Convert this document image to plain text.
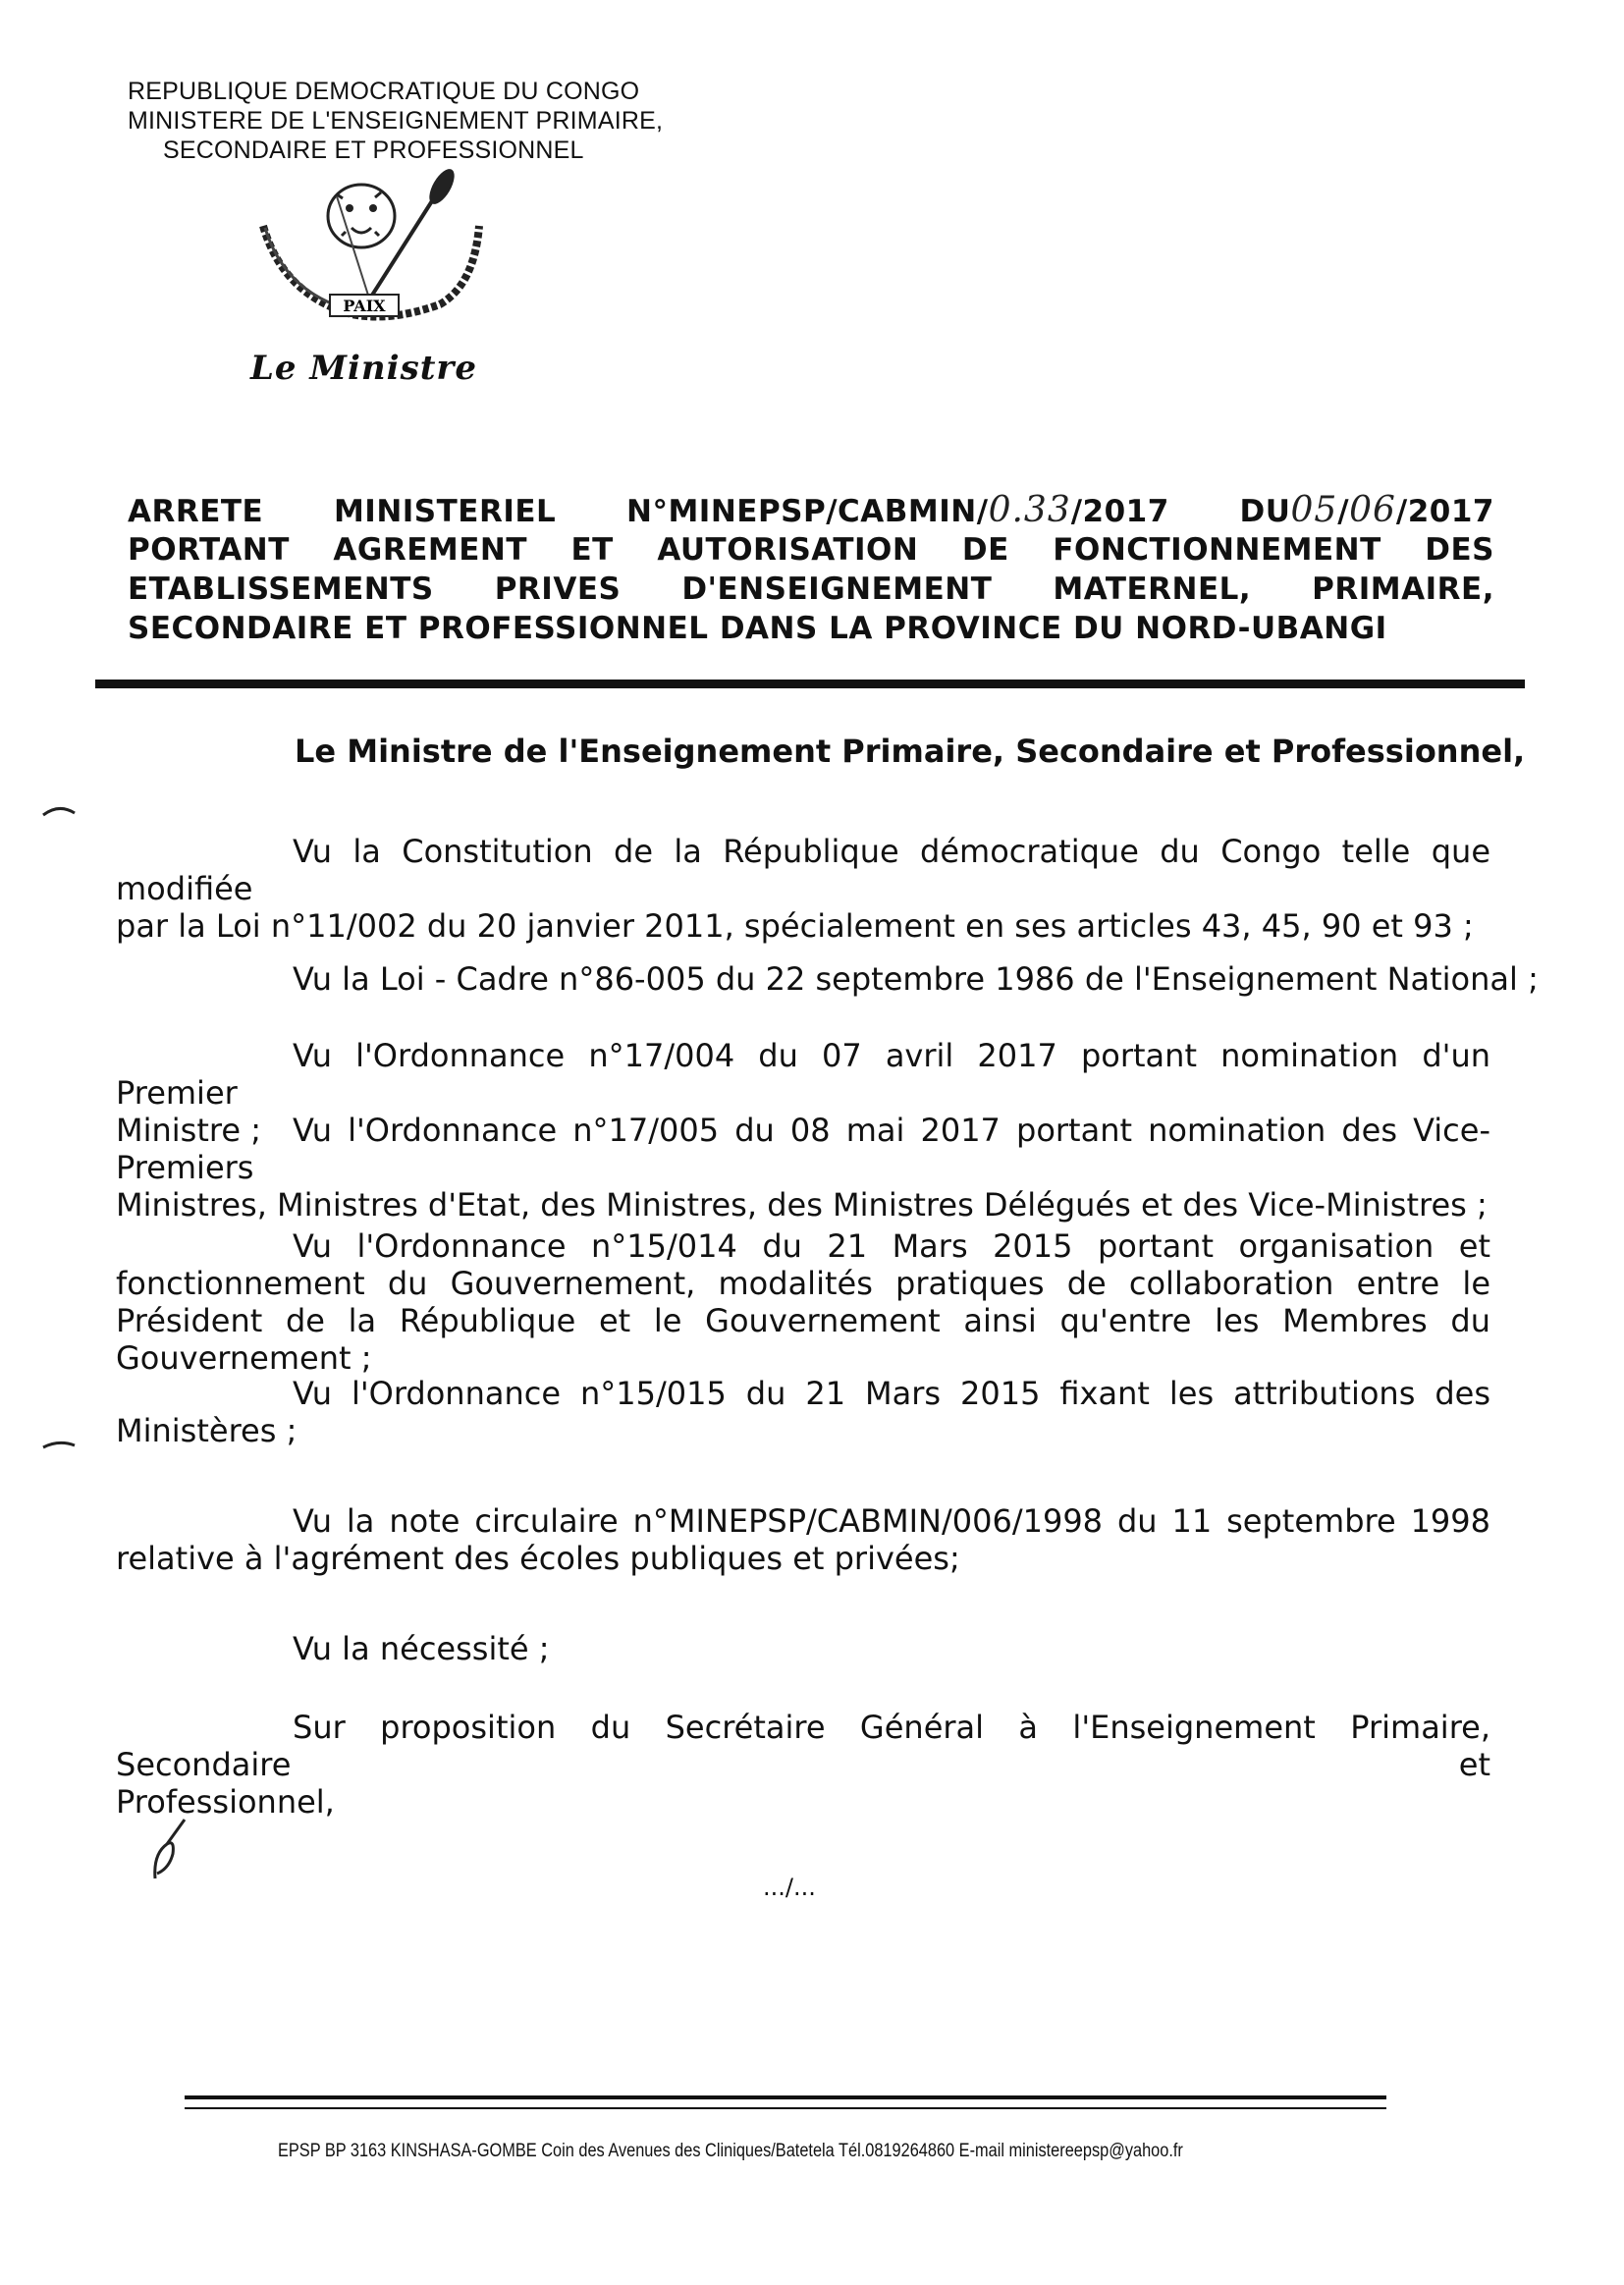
REPUBLIQUE DEMOCRATIQUE DU CONGO
MINISTERE DE L'ENSEIGNEMENT PRIMAIRE,
SECONDAIRE ET PROFESSIONNEL
PAIX
Le Ministre
ARRETE MINISTERIEL N°MINEPSP/CABMIN/0.33/2017 DU05/06/2017
PORTANT AGREMENT ET AUTORISATION DE FONCTIONNEMENT DES
ETABLISSEMENTS PRIVES D'ENSEIGNEMENT MATERNEL, PRIMAIRE,
SECONDAIRE ET PROFESSIONNEL DANS LA PROVINCE DU NORD-UBANGI
Le Ministre de l'Enseignement Primaire, Secondaire et Professionnel,
Vu la Constitution de la République démocratique du Congo telle que modifiée
par la Loi n°11/002 du 20 janvier 2011, spécialement en ses articles 43, 45, 90 et 93 ;
Vu la Loi - Cadre n°86-005 du 22 septembre 1986 de l'Enseignement National ;
Vu l'Ordonnance n°17/004 du 07 avril 2017 portant nomination d'un Premier
Ministre ;	Vu l'Ordonnance n°17/005 du 08 mai 2017 portant nomination des Vice-Premiers
Ministres, Ministres d'Etat, des Ministres, des Ministres Délégués et des Vice-Ministres ;
Vu l'Ordonnance n°15/014 du 21 Mars 2015 portant organisation et
fonctionnement du Gouvernement, modalités pratiques de collaboration entre le Président de la République et le Gouvernement ainsi qu'entre les Membres du Gouvernement ;
Vu l'Ordonnance n°15/015 du 21 Mars 2015 fixant les attributions des
Ministères ;
Vu la note circulaire n°MINEPSP/CABMIN/006/1998 du 11 septembre 1998
relative à l'agrément des écoles publiques et privées;
Vu la nécessité ;
Sur proposition du Secrétaire Général à l'Enseignement Primaire, Secondaire et
Professionnel,
.../...
EPSP BP 3163 KINSHASA-GOMBE Coin des Avenues des Cliniques/Batetela Tél.0819264860 E-mail ministereepsp@yahoo.fr
